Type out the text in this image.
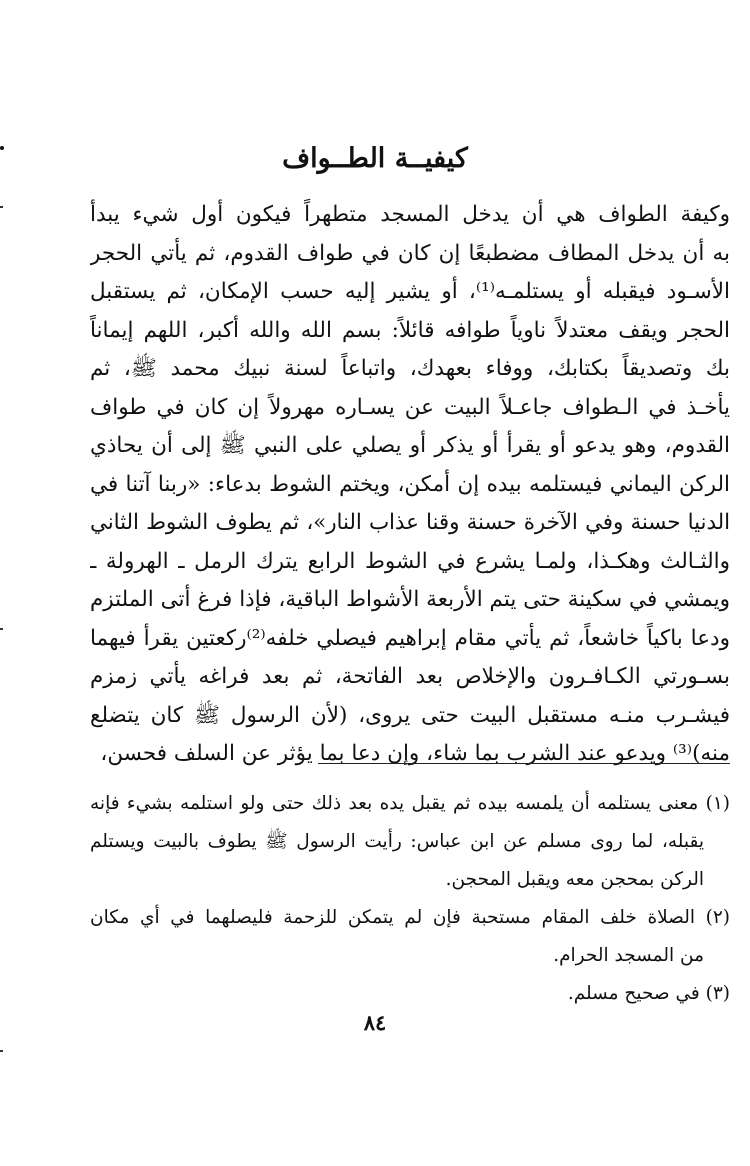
كيفيــة الطــواف
وكيفة الطواف هي أن يدخل المسجد متطهراً فيكون أول شيء يبدأ
به أن يدخل المطاف مضطبعًا إن كان في طواف القدوم، ثم يأتي الحجر
الأسـود فيقبله أو يستلمـه⁽¹⁾، أو يشير إليه حسب الإمكان، ثم يستقبل
الحجر ويقف معتدلاً ناوياً طوافه قائلاً: بسم الله والله أكبر، اللهم إيماناً
بك وتصديقاً بكتابك، ووفاء بعهدك، واتباعاً لسنة نبيك محمد ﷺ، ثم
يأخـذ في الـطواف جاعـلاً البيت عن يسـاره مهرولاً إن كان في طواف
القدوم، وهو يدعو أو يقرأ أو يذكر أو يصلي على النبي ﷺ إلى أن يحاذي
الركن اليماني فيستلمه بيده إن أمكن، ويختم الشوط بدعاء: «ربنا آتنا في
الدنيا حسنة وفي الآخرة حسنة وقنا عذاب النار»، ثم يطوف الشوط الثاني
والثـالث وهكـذا، ولمـا يشرع في الشوط الرابع يترك الرمل ـ الهرولة ـ
ويمشي في سكينة حتى يتم الأربعة الأشواط الباقية، فإذا فرغ أتى الملتزم
ودعا باكياً خاشعاً، ثم يأتي مقام إبراهيم فيصلي خلفه⁽²⁾ركعتين يقرأ فيهما
بسـورتي الكـافـرون والإخلاص بعد الفاتحة، ثم بعد فراغه يأتي زمزم
فيشـرب منـه مستقبل البيت حتى يروى، (لأن الرسول ﷺ كان يتضلع
منه)⁽³⁾ ويدعو عند الشرب بما شاء، وإن دعا بما يؤثر عن السلف فحسن،
(١) معنى يستلمه أن يلمسه بيده ثم يقبل يده بعد ذلك حتى ولو استلمه بشيء فإنه
يقبله، لما روى مسلم عن ابن عباس: رأيت الرسول ﷺ يطوف بالبيت ويستلم
الركن بمحجن معه ويقبل المحجن.
(٢) الصلاة خلف المقام مستحبة فإن لم يتمكن للزحمة فليصلهما في أي مكان
من المسجد الحرام.
(٣) في صحيح مسلم.
٨٤
